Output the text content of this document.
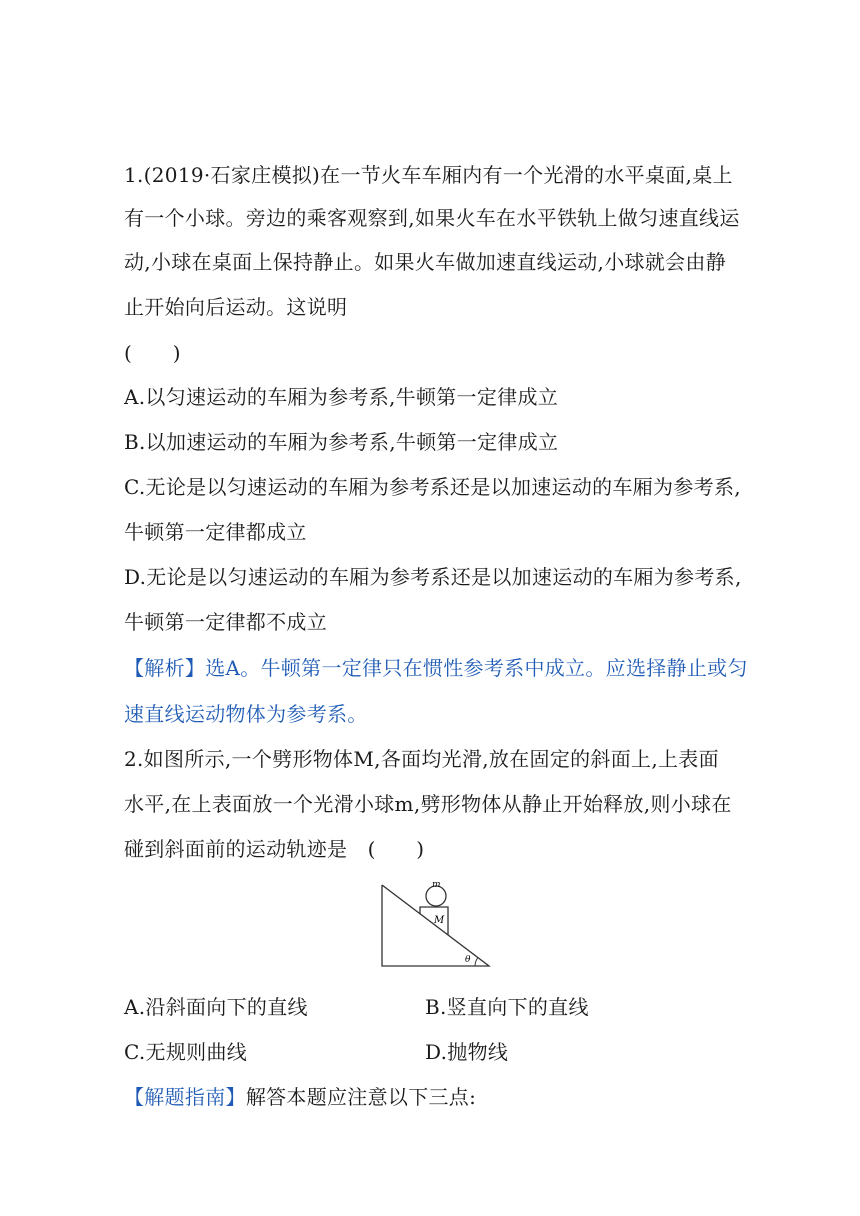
1.(2019·石家庄模拟)在一节火车车厢内有一个光滑的水平桌面,桌上
有一个小球。旁边的乘客观察到,如果火车在水平铁轨上做匀速直线运
动,小球在桌面上保持静止。如果火车做加速直线运动,小球就会由静
止开始向后运动。这说明
(　　)
A.以匀速运动的车厢为参考系,牛顿第一定律成立
B.以加速运动的车厢为参考系,牛顿第一定律成立
C.无论是以匀速运动的车厢为参考系还是以加速运动的车厢为参考系,
牛顿第一定律都成立
D.无论是以匀速运动的车厢为参考系还是以加速运动的车厢为参考系,
牛顿第一定律都不成立
【解析】选A。牛顿第一定律只在惯性参考系中成立。应选择静止或匀
速直线运动物体为参考系。
2.如图所示,一个劈形物体M,各面均光滑,放在固定的斜面上,上表面
水平,在上表面放一个光滑小球m,劈形物体从静止开始释放,则小球在
碰到斜面前的运动轨迹是　(　　)
m
M
θ
A.沿斜面向下的直线	B.竖直向下的直线
C.无规则曲线	D.抛物线
【解题指南】解答本题应注意以下三点:
